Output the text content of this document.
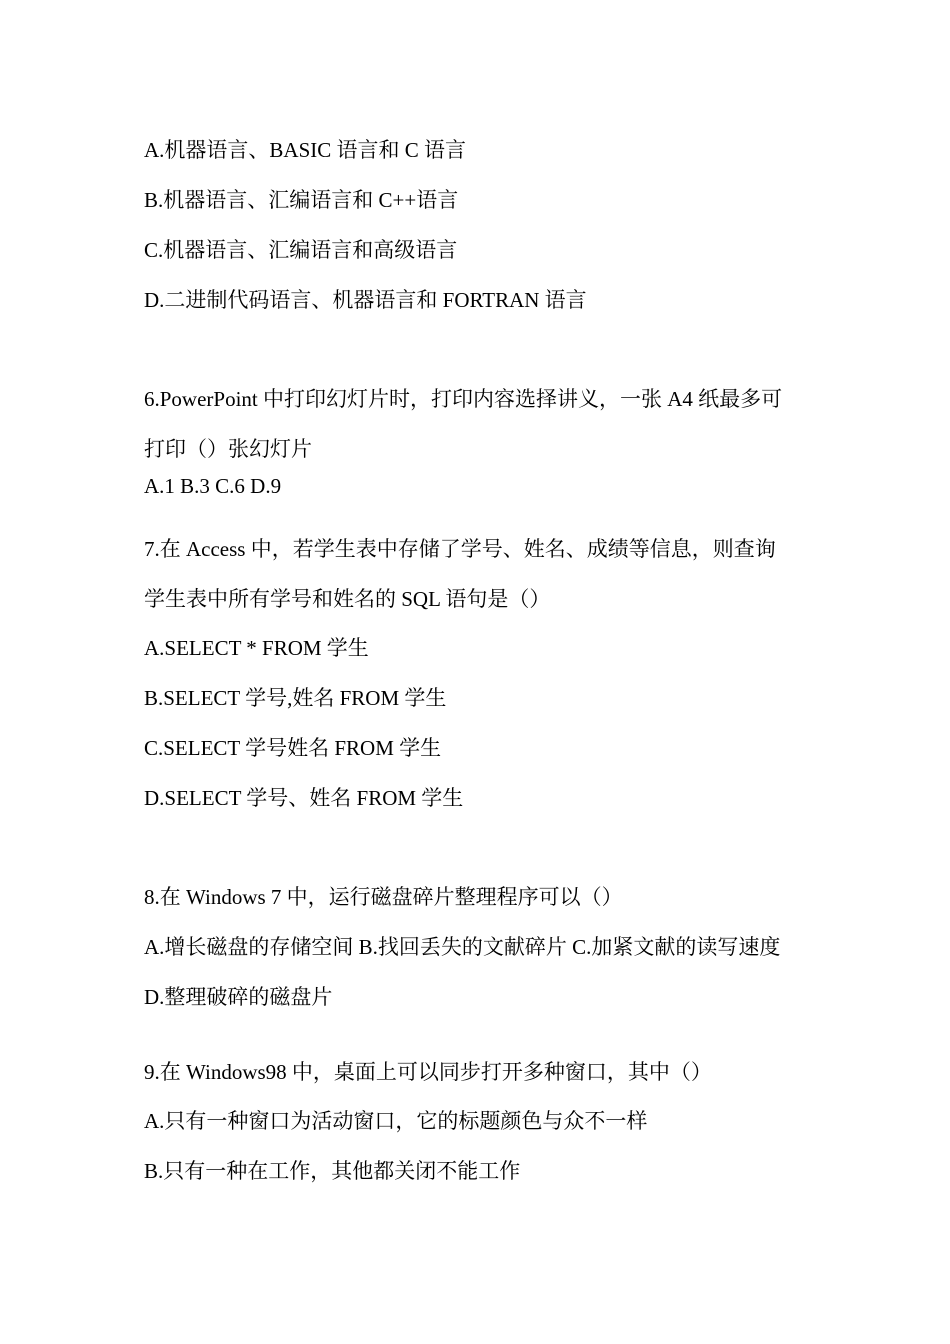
A.机器语言、BASIC 语言和 C 语言
B.机器语言、汇编语言和 C++语言
C.机器语言、汇编语言和高级语言
D.二进制代码语言、机器语言和 FORTRAN 语言
6.PowerPoint 中打印幻灯片时，打印内容选择讲义，一张 A4 纸最多可
打印（）张幻灯片
A.1 B.3 C.6 D.9
7.在 Access 中，若学生表中存储了学号、姓名、成绩等信息，则查询
学生表中所有学号和姓名的 SQL 语句是（）
A.SELECT * FROM 学生
B.SELECT 学号,姓名 FROM 学生
C.SELECT 学号姓名 FROM 学生
D.SELECT 学号、姓名 FROM 学生
8.在 Windows 7 中，运行磁盘碎片整理程序可以（）
A.增长磁盘的存储空间 B.找回丢失的文献碎片 C.加紧文献的读写速度
D.整理破碎的磁盘片
9.在 Windows98 中，桌面上可以同步打开多种窗口，其中（）
A.只有一种窗口为活动窗口，它的标题颜色与众不一样
B.只有一种在工作，其他都关闭不能工作
